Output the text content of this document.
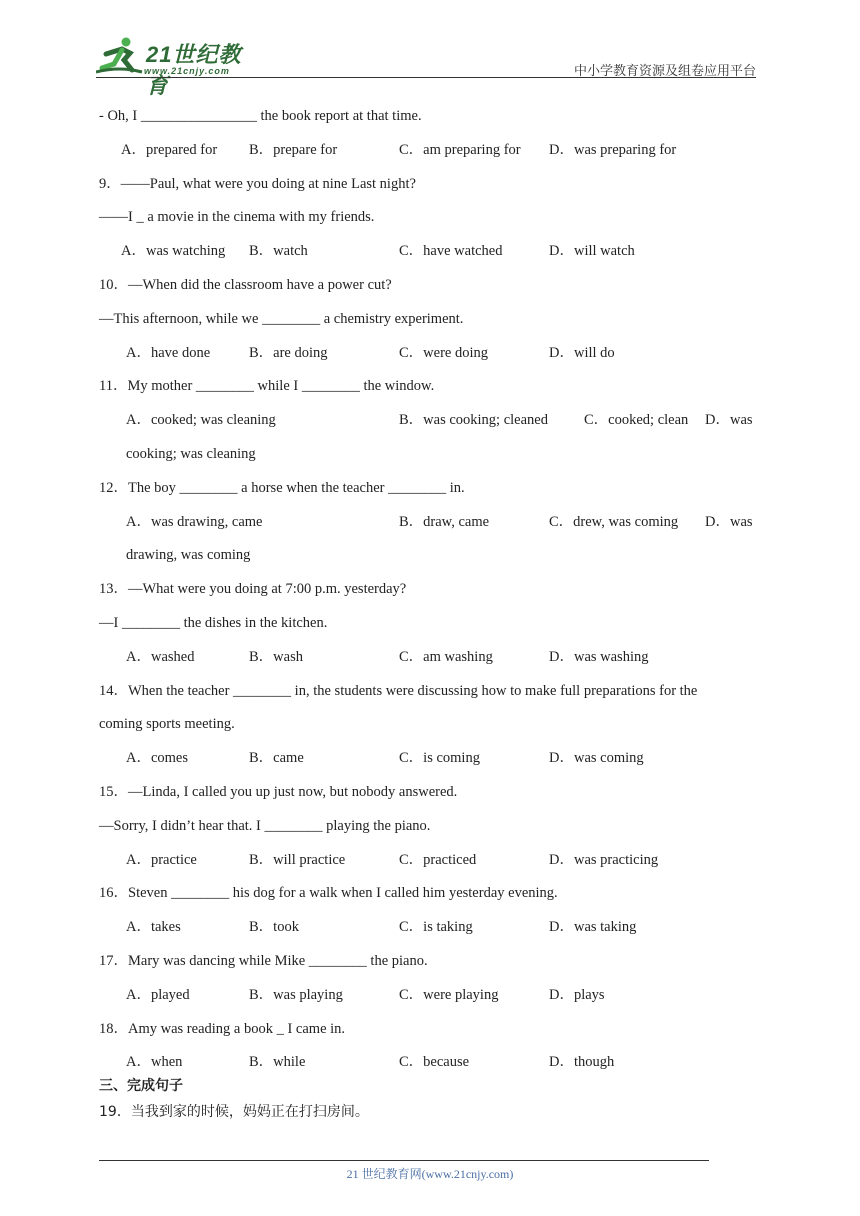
21世纪教育
www.21cnjy.com	中小学教育资源及组卷应用平台
- Oh, I ________________ the book report at that time.
A．prepared for B．prepare for	C．am preparing for D．was preparing for
9．——Paul, what were you doing at nine Last night?
——I _ a movie in the cinema with my friends.
A．was watching B．watch	C．have watched	D．will watch
10．—When did the classroom have a power cut?
—This afternoon, while we ________ a chemistry experiment.
A．have done	B．are doing	C．were doing	D．will do
11．My mother ________ while I ________ the window.
A．cooked; was cleaning	B．was cooking; cleaned C．cooked; clean D．was
cooking; was cleaning
12．The boy ________ a horse when the teacher ________ in.
A．was drawing, came	B．draw, came	C．drew, was coming D．was
drawing, was coming
13．—What were you doing at 7:00 p.m. yesterday?
—I ________ the dishes in the kitchen.
A．washed	B．wash	C．am washing	D．was washing
14．When the teacher ________ in, the students were discussing how to make full preparations for the
coming sports meeting.
A．comes	B．came	C．is coming	D．was coming
15．—Linda, I called you up just now, but nobody answered.
—Sorry, I didn’t hear that. I ________ playing the piano.
A．practice	B．will practice	C．practiced	D．was practicing
16．Steven ________ his dog for a walk when I called him yesterday evening.
A．takes	B．took	C．is taking	D．was taking
17．Mary was dancing while Mike ________ the piano.
A．played	B．was playing	C．were playing	D．plays
18．Amy was reading a book _ I came in.
A．when	B．while	C．because	D．though
三、完成句子
19．当我到家的时候，妈妈正在打扫房间。
21 世纪教育网(www.21cnjy.com)
